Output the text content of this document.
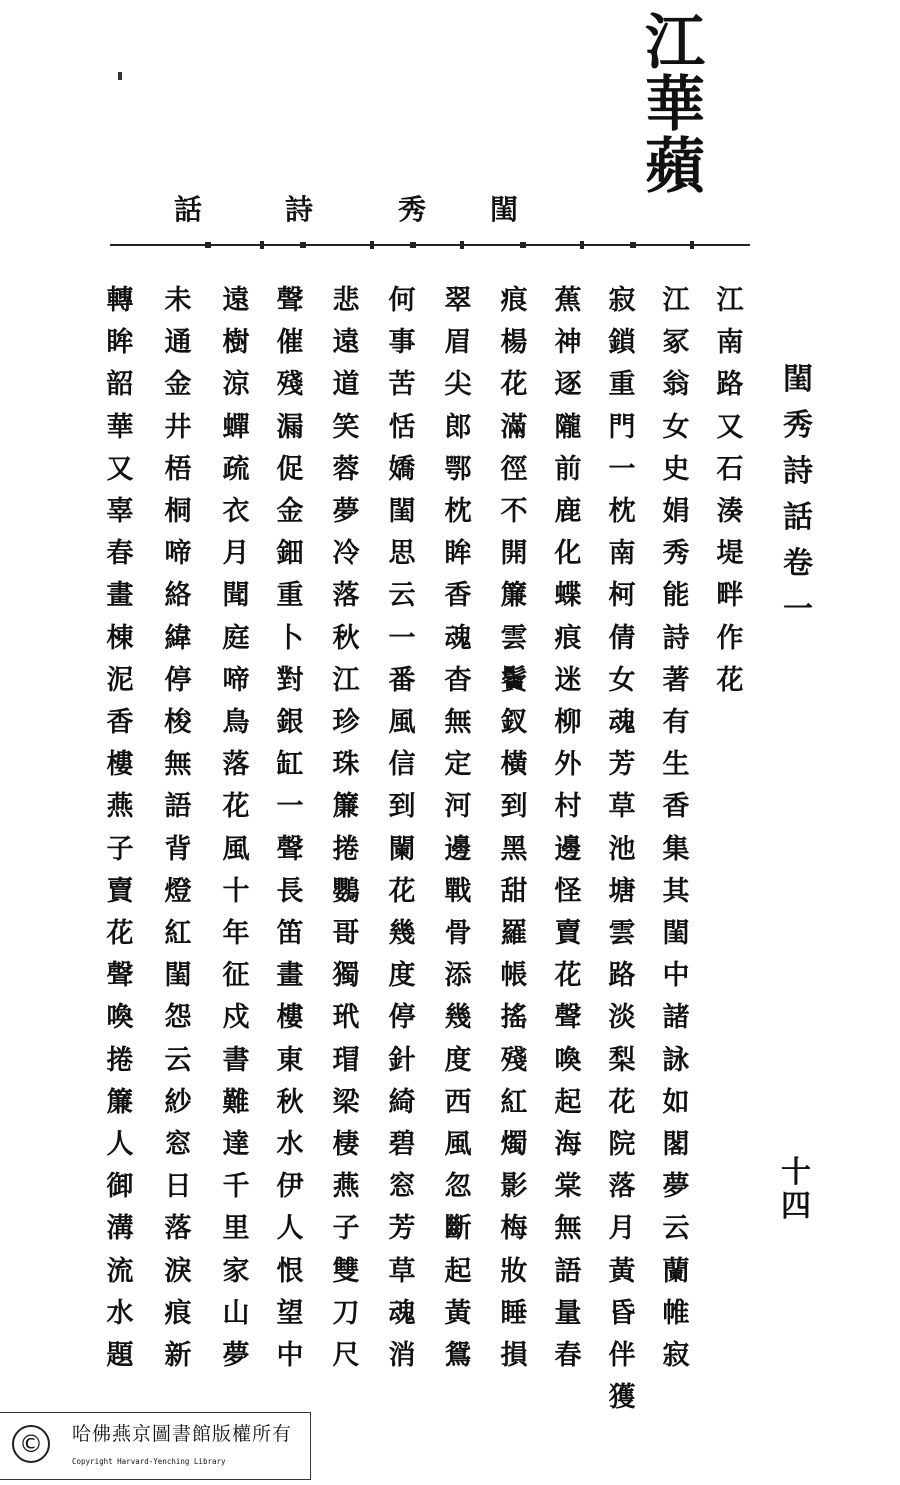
江
華
蘋
閨
秀
詩
話
江
南
路
又
石
湊
堤
畔
作
花
江
冢
翁
女
史
娟
秀
能
詩
著
有
生
香
集
其
閨
中
諸
詠
如
閣
夢
云
蘭
帷
寂
寂
鎖
重
門
一
枕
南
柯
倩
女
魂
芳
草
池
塘
雲
路
淡
梨
花
院
落
月
黃
昏
伴
獲
蕉
神
逐
隴
前
鹿
化
蝶
痕
迷
柳
外
村
邊
怪
賣
花
聲
喚
起
海
棠
無
語
量
春
痕
楊
花
滿
徑
不
開
簾
雲
鬢
釵
橫
到
黑
甜
羅
帳
搖
殘
紅
燭
影
梅
妝
睡
損
翠
眉
尖
郎
鄂
枕
眸
香
魂
杳
無
定
河
邊
戰
骨
添
幾
度
西
風
忽
斷
起
黃
鴛
何
事
苦
恬
嬌
閨
思
云
一
番
風
信
到
闌
花
幾
度
停
針
綺
碧
窓
芳
草
魂
消
悲
遠
道
笑
蓉
夢
冷
落
秋
江
珍
珠
簾
捲
鸚
哥
獨
玳
瑁
梁
棲
燕
子
雙
刀
尺
聲
催
殘
漏
促
金
鈿
重
卜
對
銀
缸
一
聲
長
笛
畫
樓
東
秋
水
伊
人
恨
望
中
遠
樹
涼
蟬
疏
衣
月
聞
庭
啼
鳥
落
花
風
十
年
征
戍
書
難
達
千
里
家
山
夢
未
通
金
井
梧
桐
啼
絡
緯
停
梭
無
語
背
燈
紅
閨
怨
云
紗
窓
日
落
淚
痕
新
轉
眸
韶
華
又
辜
春
畫
棟
泥
香
樓
燕
子
賣
花
聲
喚
捲
簾
人
御
溝
流
水
題
閨
秀
詩
話
卷
一
十
四
©	哈佛燕京圖書館版權所有
Copyright Harvard-Yenching Library
